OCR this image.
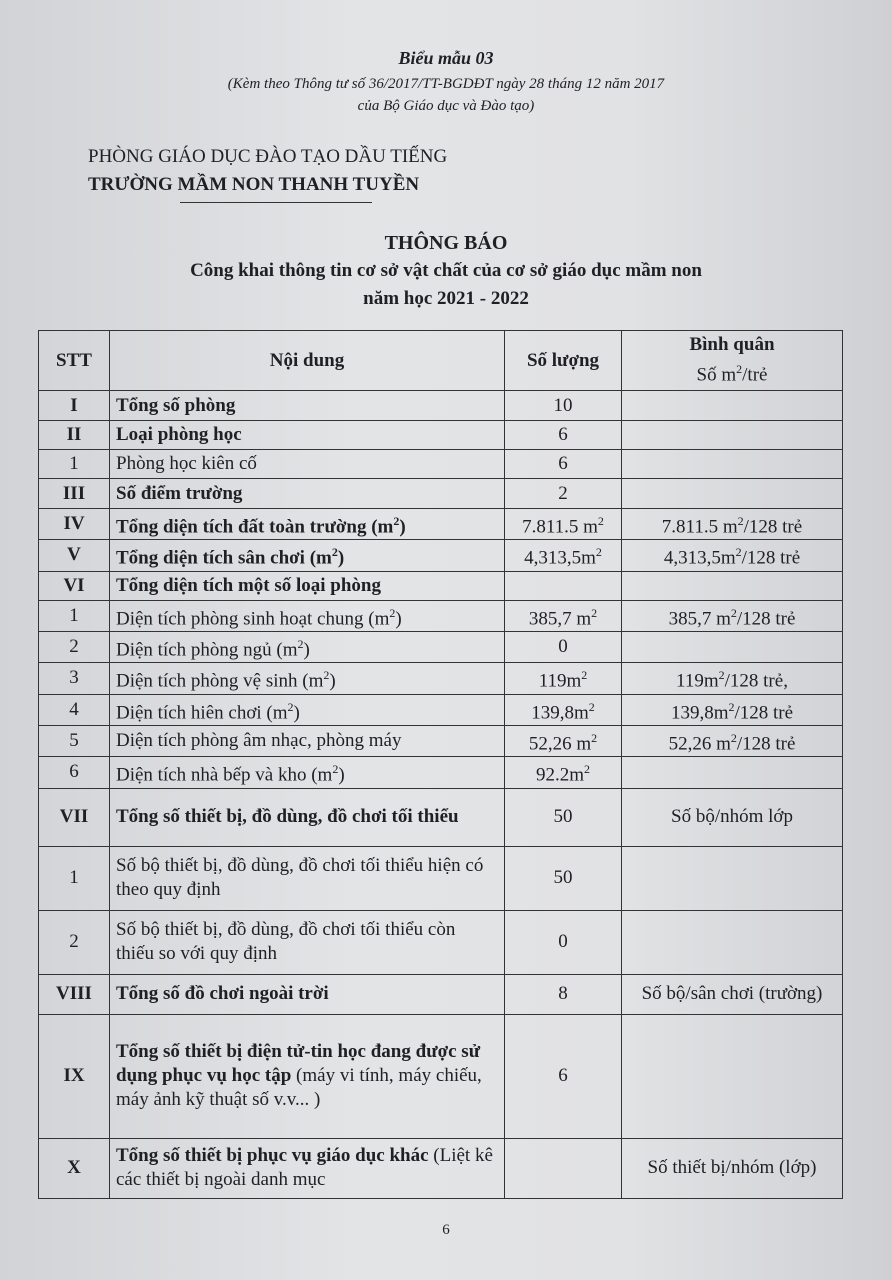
Biểu mẫu 03
(Kèm theo Thông tư số 36/2017/TT-BGDĐT ngày 28 tháng 12 năm 2017
của Bộ Giáo dục và Đào tạo)
PHÒNG GIÁO DỤC ĐÀO TẠO DẦU TIẾNG
TRƯỜNG MẦM NON THANH TUYỀN
THÔNG BÁO
Công khai thông tin cơ sở vật chất của cơ sở giáo dục mầm non
năm học 2021 - 2022
STT	Nội dung	Số lượng	Bình quân
Số $m^2$/trẻ

I	Tổng số phòng	10	
II	Loại phòng học	6	
1	Phòng học kiên cố	6	
III	Số điểm trường	2	
IV	Tổng diện tích đất toàn trường $(m^2)$	7.811.5 $m^2$	7.811.5 $m^2/128$ trẻ
V	Tổng diện tích sân chơi $(m^2)$	$4,313,5m^2$	$4,313,5m^2/128$ trẻ
VI	Tổng diện tích một số loại phòng		
1	Diện tích phòng sinh hoạt chung $(m^2)$	385,7 $m^2$	385,7 $m^2/128$ trẻ
2	Diện tích phòng ngủ $(m^2)$	0	
3	Diện tích phòng vệ $\sinh (m^2)$	$119m^2$	$119m^2/128$ trẻ,
4	Diện tích hiên chơi $(m^2)$	$139,8m^2$	$139,8m^2/128$ trẻ
5	Diện tích phòng âm nhạc, phòng máy	52,26 $m^2$	52,26 $m^2/128$ trẻ
6	Diện tích nhà bếp và kho $(m^2)$	$92.2m^2$	
VII	Tổng số thiết bị, đồ dùng, đồ chơi tối thiểu	50	Số bộ/nhóm lớp
1	Số bộ thiết bị, đồ dùng, đồ chơi tối thiểu hiện có theo quy định	50	
2	Số bộ thiết bị, đồ dùng, đồ chơi tối thiểu còn thiếu so với quy định	0	
VIII	Tổng số đồ chơi ngoài trời	8	Số bộ/sân chơi (trường)
IX	Tổng số thiết bị điện tử-tin học đang được sử dụng phục vụ học tập (máy vi tính, máy chiếu, máy ảnh kỹ thuật số v.v... )	6	
X	Tổng số thiết bị phục vụ giáo dục khác (Liệt kê các thiết bị ngoài danh mục		Số thiết bị/nhóm (lớp)
6
